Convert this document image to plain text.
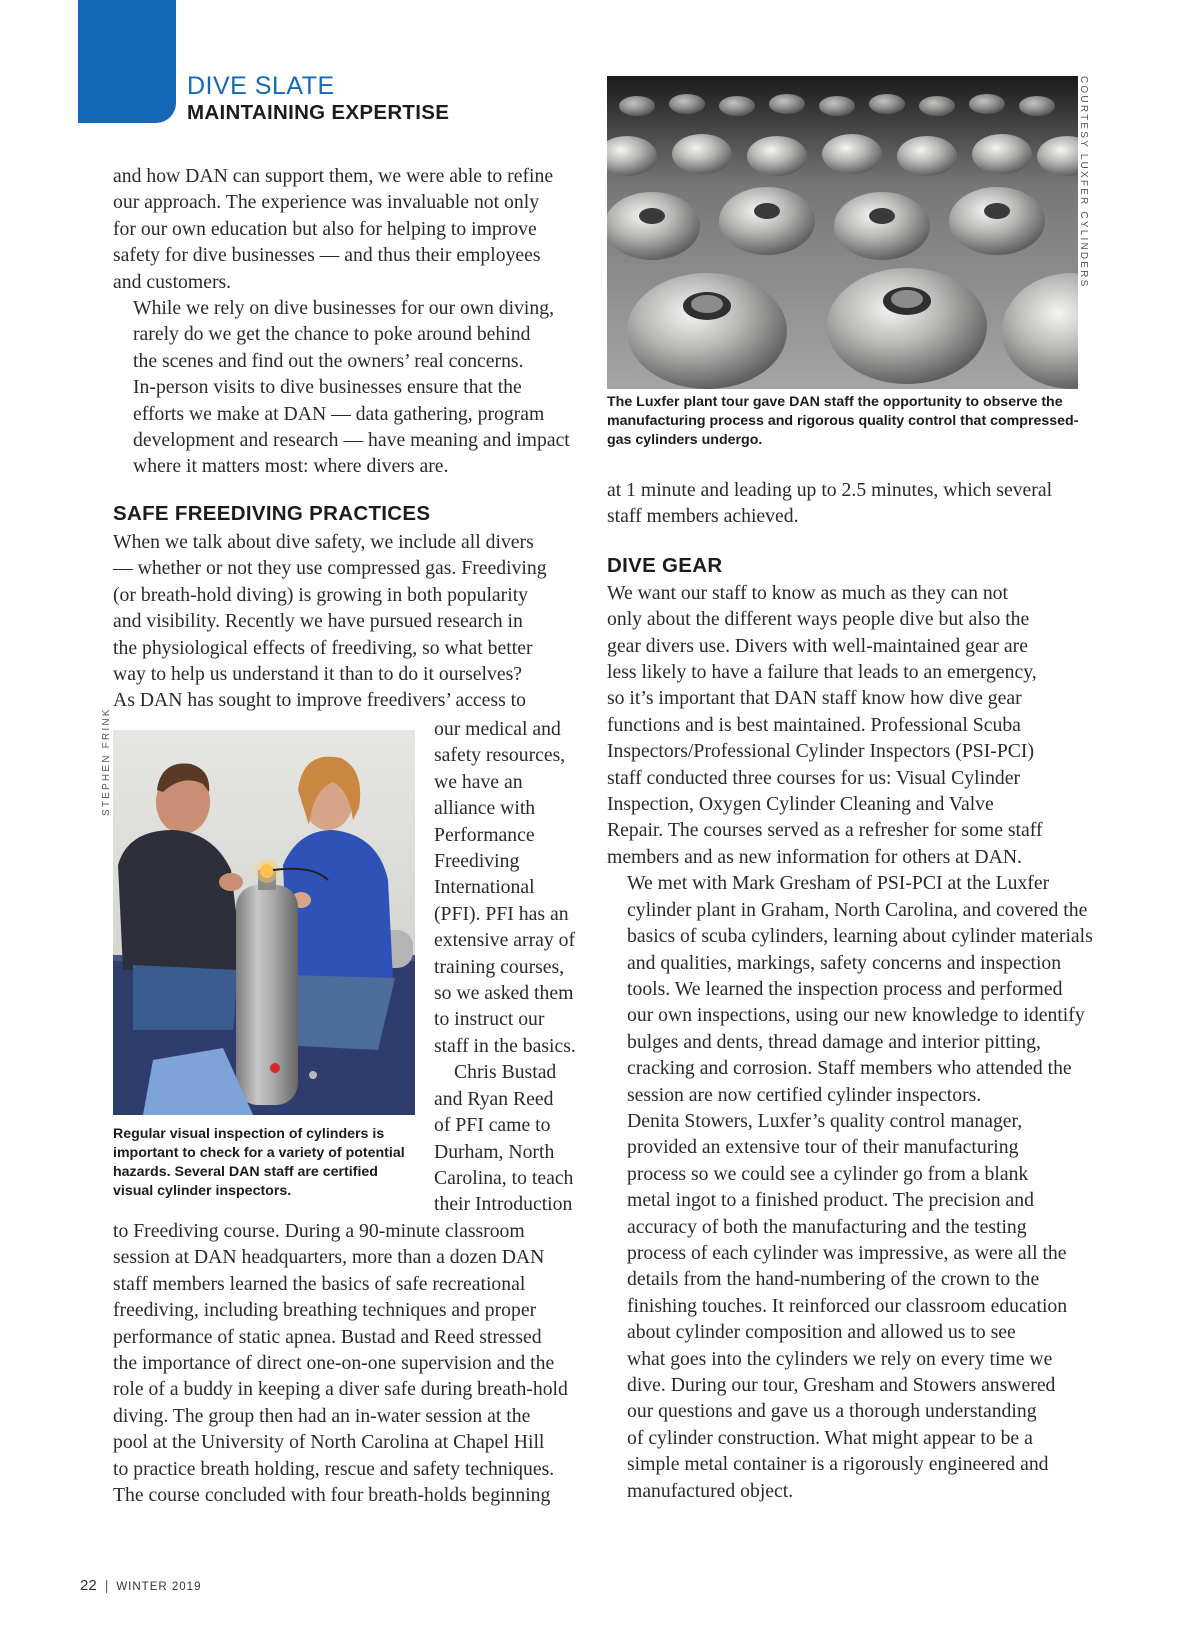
DIVE SLATE
MAINTAINING EXPERTISE

and how DAN can support them, we were able to refine
our approach. The experience was invaluable not only
for our own education but also for helping to improve
safety for dive businesses — and thus their employees
and customers.

While we rely on dive businesses for our own diving,
rarely do we get the chance to poke around behind
the scenes and find out the owners’ real concerns.
In-person visits to dive businesses ensure that the
efforts we make at DAN — data gathering, program
development and research — have meaning and impact
where it matters most: where divers are.

SAFE FREEDIVING PRACTICES

When we talk about dive safety, we include all divers
— whether or not they use compressed gas. Freediving
(or breath-hold diving) is growing in both popularity
and visibility. Recently we have pursued research in
the physiological effects of freediving, so what better
way to help us understand it than to do it ourselves?
As DAN has sought to improve freedivers’ access to

STEPHEN FRINK
Regular visual inspection of cylinders is
important to check for a variety of potential
hazards. Several DAN staff are certified
visual cylinder inspectors.

our medical and
safety resources,
we have an
alliance with
Performance
Freediving
International
(PFI). PFI has an
extensive array of
training courses,
so we asked them
to instruct our
staff in the basics.
Chris Bustad
and Ryan Reed
of PFI came to
Durham, North
Carolina, to teach
their Introduction

to Freediving course. During a 90-minute classroom
session at DAN headquarters, more than a dozen DAN
staff members learned the basics of safe recreational
freediving, including breathing techniques and proper
performance of static apnea. Bustad and Reed stressed
the importance of direct one-on-one supervision and the
role of a buddy in keeping a diver safe during breath-hold
diving. The group then had an in-water session at the
pool at the University of North Carolina at Chapel Hill
to practice breath holding, rescue and safety techniques.
The course concluded with four breath-holds beginning

COURTESY LUXFER CYLINDERS
The Luxfer plant tour gave DAN staff the opportunity to observe the
manufacturing process and rigorous quality control that compressed-
gas cylinders undergo.

at 1 minute and leading up to 2.5 minutes, which several
staff members achieved.

DIVE GEAR

We want our staff to know as much as they can not
only about the different ways people dive but also the
gear divers use. Divers with well-maintained gear are
less likely to have a failure that leads to an emergency,
so it’s important that DAN staff know how dive gear
functions and is best maintained. Professional Scuba
Inspectors/Professional Cylinder Inspectors (PSI-PCI)
staff conducted three courses for us: Visual Cylinder
Inspection, Oxygen Cylinder Cleaning and Valve
Repair. The courses served as a refresher for some staff
members and as new information for others at DAN.

We met with Mark Gresham of PSI-PCI at the Luxfer
cylinder plant in Graham, North Carolina, and covered the
basics of scuba cylinders, learning about cylinder materials
and qualities, markings, safety concerns and inspection
tools. We learned the inspection process and performed
our own inspections, using our new knowledge to identify
bulges and dents, thread damage and interior pitting,
cracking and corrosion. Staff members who attended the
session are now certified cylinder inspectors.

Denita Stowers, Luxfer’s quality control manager,
provided an extensive tour of their manufacturing
process so we could see a cylinder go from a blank
metal ingot to a finished product. The precision and
accuracy of both the manufacturing and the testing
process of each cylinder was impressive, as were all the
details from the hand-numbering of the crown to the
finishing touches. It reinforced our classroom education
about cylinder composition and allowed us to see
what goes into the cylinders we rely on every time we
dive. During our tour, Gresham and Stowers answered
our questions and gave us a thorough understanding
of cylinder construction. What might appear to be a
simple metal container is a rigorously engineered and
manufactured object.

22 | WINTER 2019
